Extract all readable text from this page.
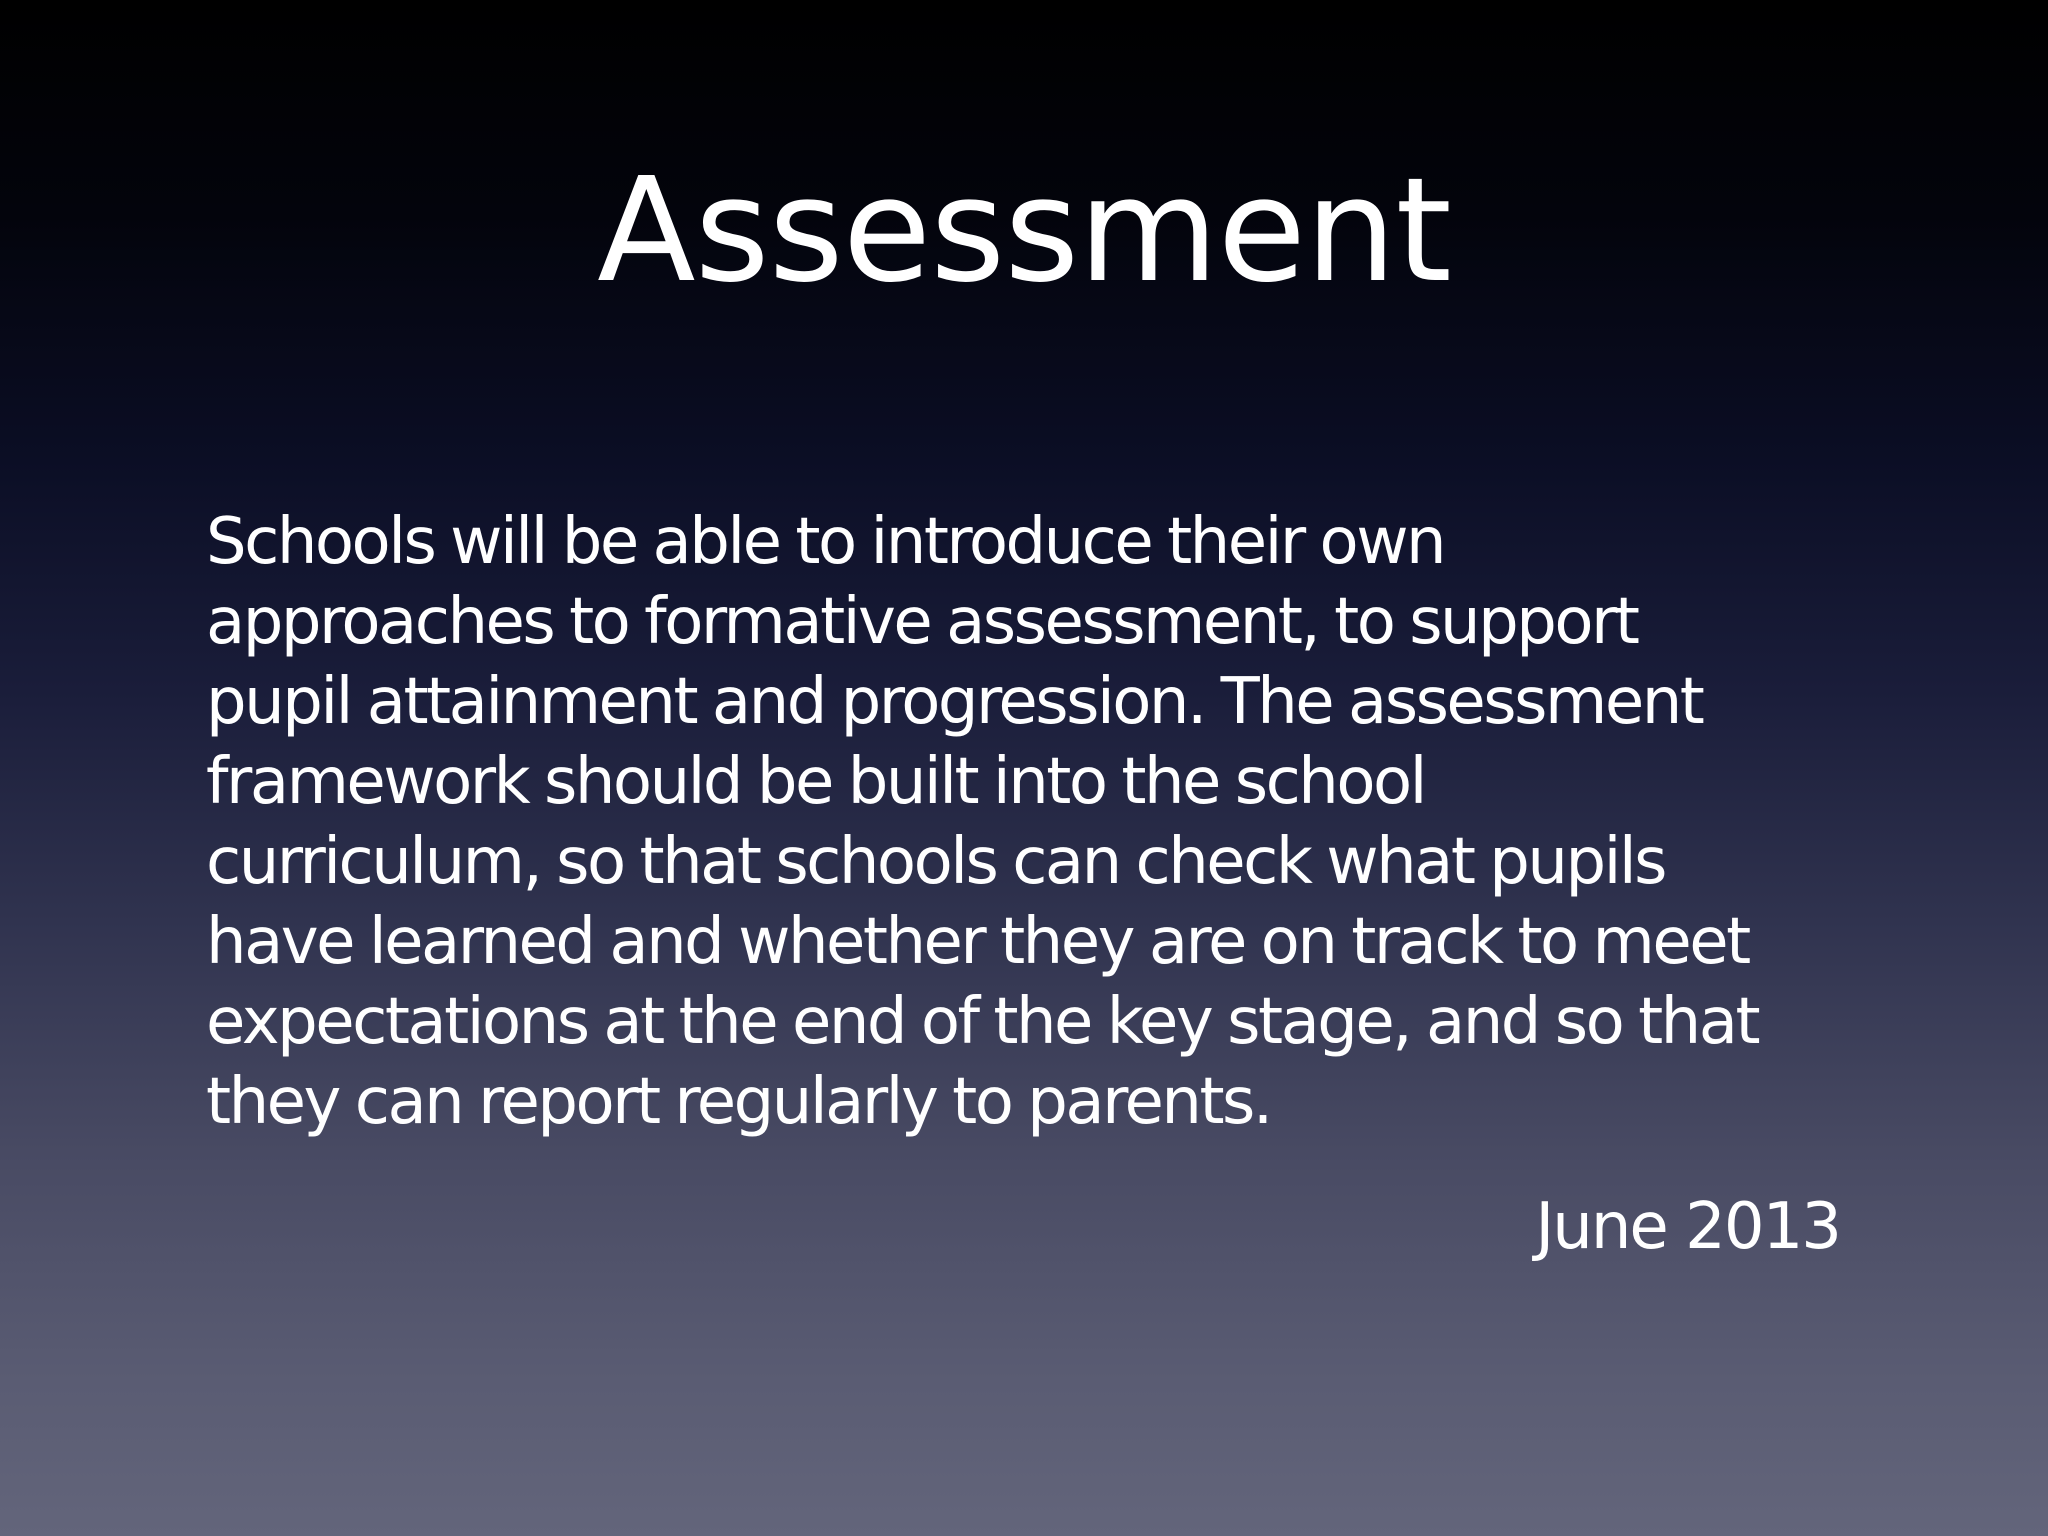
Assessment

Schools will be able to introduce their own
approaches to formative assessment, to support
pupil attainment and progression. The assessment
framework should be built into the school
curriculum, so that schools can check what pupils
have learned and whether they are on track to meet
expectations at the end of the key stage, and so that
they can report regularly to parents.

June 2013
